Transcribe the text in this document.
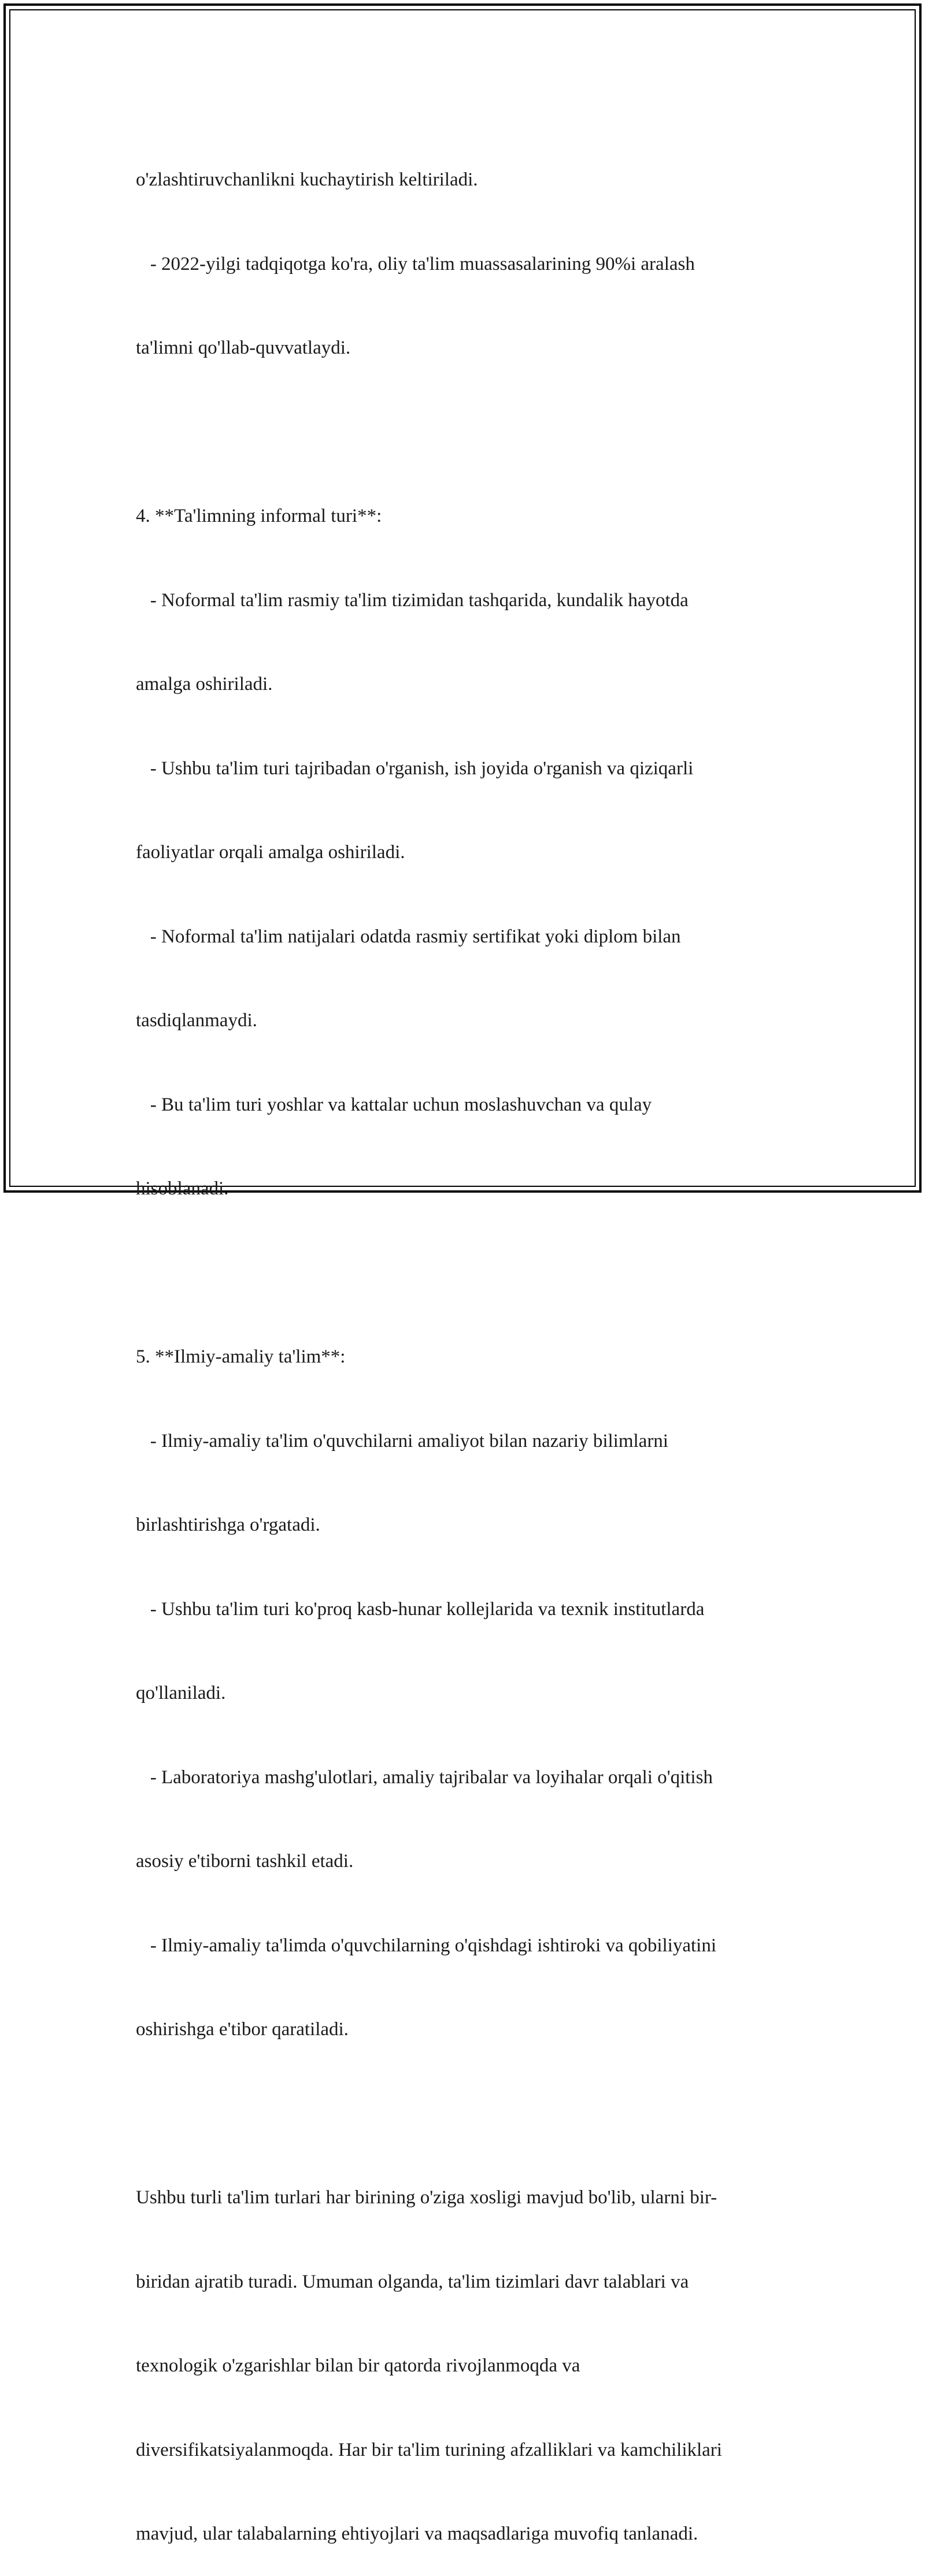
o'zlashtiruvchanlikni kuchaytirish keltiriladi.

- 2022-yilgi tadqiqotga ko'ra, oliy ta'lim muassasalarining 90%i aralash

ta'limni qo'llab-quvvatlaydi.

4. **Ta'limning informal turi**:

- Noformal ta'lim rasmiy ta'lim tizimidan tashqarida, kundalik hayotda

amalga oshiriladi.

- Ushbu ta'lim turi tajribadan o'rganish, ish joyida o'rganish va qiziqarli

faoliyatlar orqali amalga oshiriladi.

- Noformal ta'lim natijalari odatda rasmiy sertifikat yoki diplom bilan

tasdiqlanmaydi.

- Bu ta'lim turi yoshlar va kattalar uchun moslashuvchan va qulay

hisoblanadi.

5. **Ilmiy-amaliy ta'lim**:

- Ilmiy-amaliy ta'lim o'quvchilarni amaliyot bilan nazariy bilimlarni

birlashtirishga o'rgatadi.

- Ushbu ta'lim turi ko'proq kasb-hunar kollejlarida va texnik institutlarda

qo'llaniladi.

- Laboratoriya mashg'ulotlari, amaliy tajribalar va loyihalar orqali o'qitish

asosiy e'tiborni tashkil etadi.

- Ilmiy-amaliy ta'limda o'quvchilarning o'qishdagi ishtiroki va qobiliyatini

oshirishga e'tibor qaratiladi.

Ushbu turli ta'lim turlari har birining o'ziga xosligi mavjud bo'lib, ularni bir-

biridan ajratib turadi. Umuman olganda, ta'lim tizimlari davr talablari va

texnologik o'zgarishlar bilan bir qatorda rivojlanmoqda va

diversifikatsiyalanmoqda. Har bir ta'lim turining afzalliklari va kamchiliklari

mavjud, ular talabalarning ehtiyojlari va maqsadlariga muvofiq tanlanadi.
